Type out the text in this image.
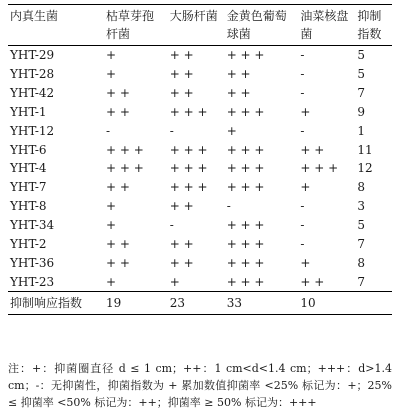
内真生菌	枯草芽孢杆菌	大肠杆菌	金黄色葡萄球菌	油菜核盘菌	抑制指数
YHT-29	+	+ +	+ + +	-	5
YHT-28	+	+ +	+ +	-	5
YHT-42	+ +	+ +	+ +	-	7
YHT-1	+ +	+ + +	+ + +	+	9
YHT-12	-	-	+	-	1
YHT-6	+ + +	+ + +	+ + +	+ +	11
YHT-4	+ + +	+ + +	+ + +	+ + +	12
YHT-7	+ +	+ + +	+ + +	+	8
YHT-8	+	+ +	-	-	3
YHT-34	+	-	+ + +	-	5
YHT-2	+ +	+ +	+ + +	-	7
YHT-36	+ +	+ +	+ + +	+	8
YHT-23	+	+	+ + +	+ +	7
抑制响应指数	19	23	33	10	
注：+：抑菌圈直径 d ≤ 1 cm；++：1 cm<d<1.4 cm；+++：d>1.4 cm；-：无抑菌性，抑菌指数为 + 累加数值抑菌率 <25% 标记为：+；25% ≤ 抑菌率 <50% 标记为：++；抑菌率 ≥ 50% 标记为：+++
